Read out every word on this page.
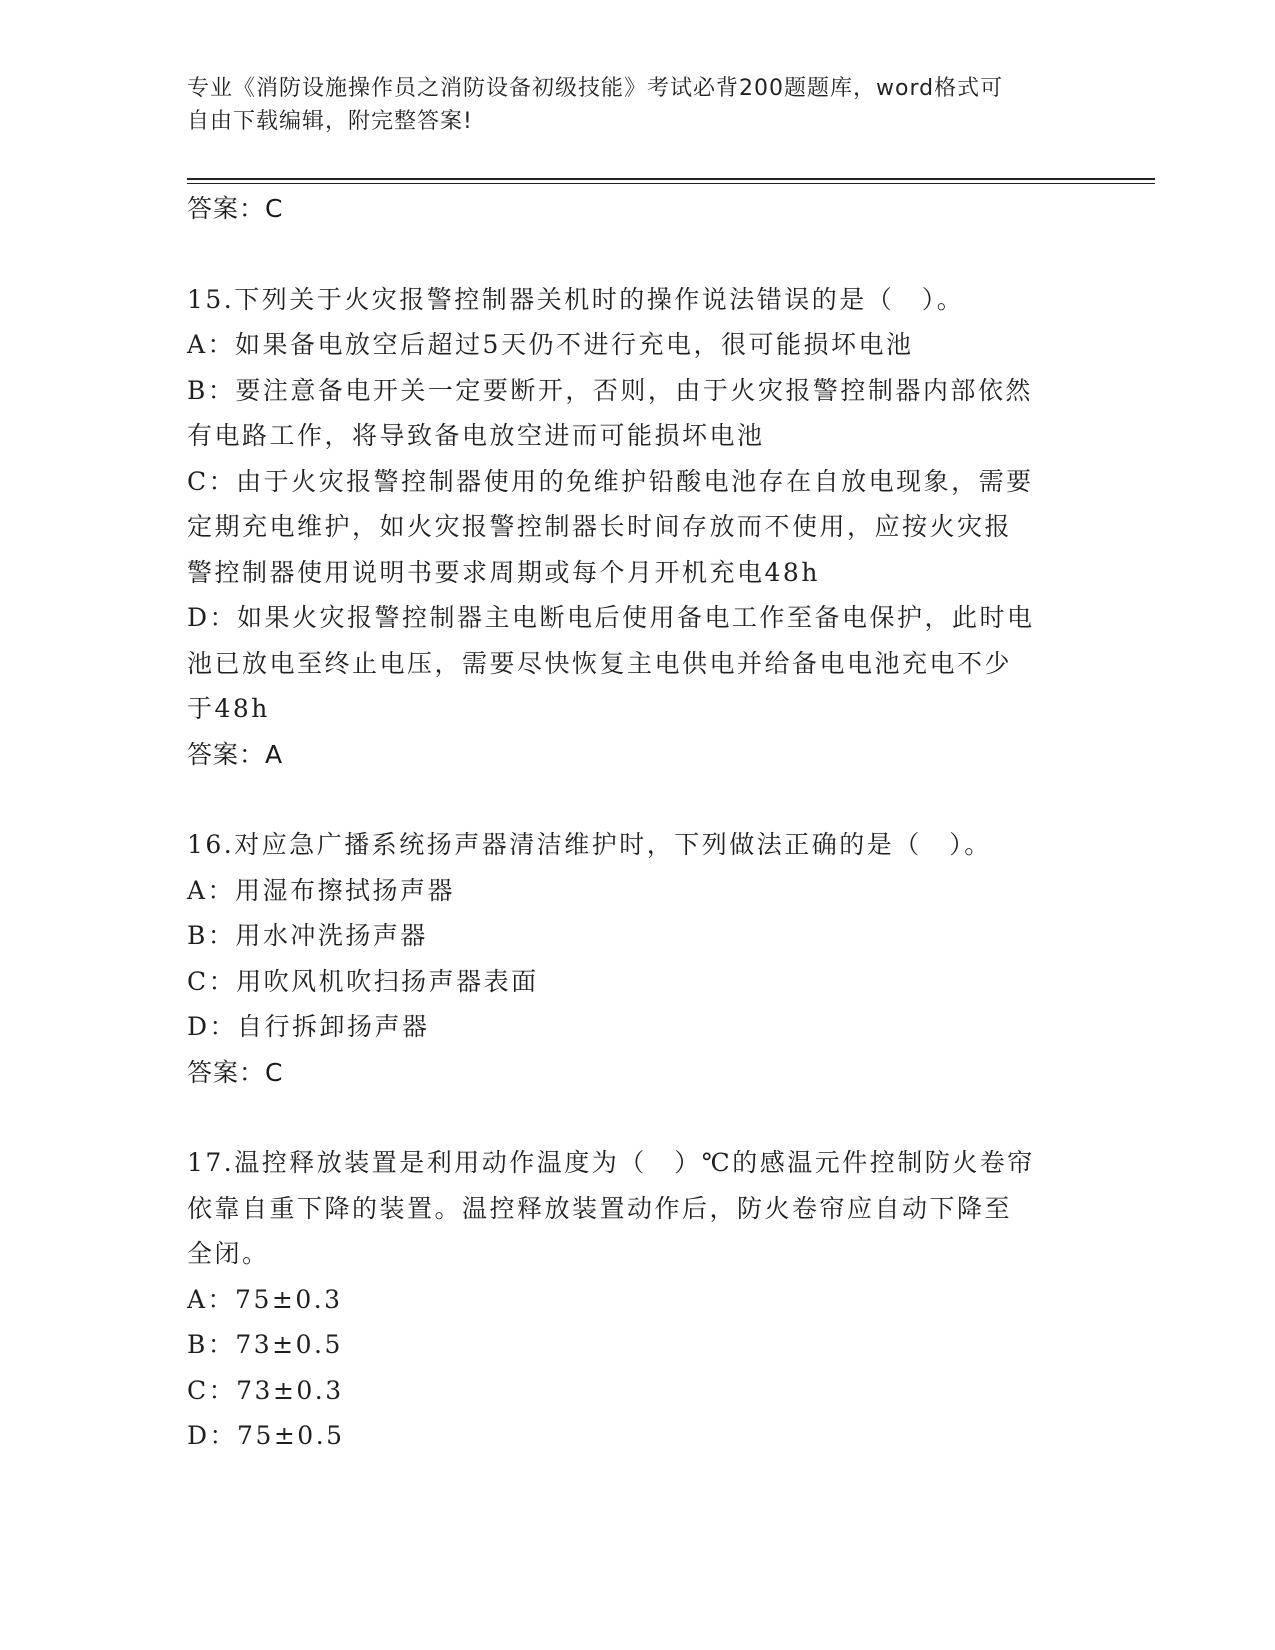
专业《消防设施操作员之消防设备初级技能》考试必背200题题库，word格式可
自由下载编辑，附完整答案!
答案：C
15.下列关于火灾报警控制器关机时的操作说法错误的是（　）。
A：如果备电放空后超过5天仍不进行充电，很可能损坏电池
B：要注意备电开关一定要断开，否则，由于火灾报警控制器内部依然
有电路工作，将导致备电放空进而可能损坏电池
C：由于火灾报警控制器使用的免维护铅酸电池存在自放电现象，需要
定期充电维护，如火灾报警控制器长时间存放而不使用，应按火灾报
警控制器使用说明书要求周期或每个月开机充电48h
D：如果火灾报警控制器主电断电后使用备电工作至备电保护，此时电
池已放电至终止电压，需要尽快恢复主电供电并给备电电池充电不少
于48h
答案：A
16.对应急广播系统扬声器清洁维护时，下列做法正确的是（　）。
A：用湿布擦拭扬声器
B：用水冲洗扬声器
C：用吹风机吹扫扬声器表面
D：自行拆卸扬声器
答案：C
17.温控释放装置是利用动作温度为（　）℃的感温元件控制防火卷帘
依靠自重下降的装置。温控释放装置动作后，防火卷帘应自动下降至
全闭。
A：75±0.3
B：73±0.5
C：73±0.3
D：75±0.5
